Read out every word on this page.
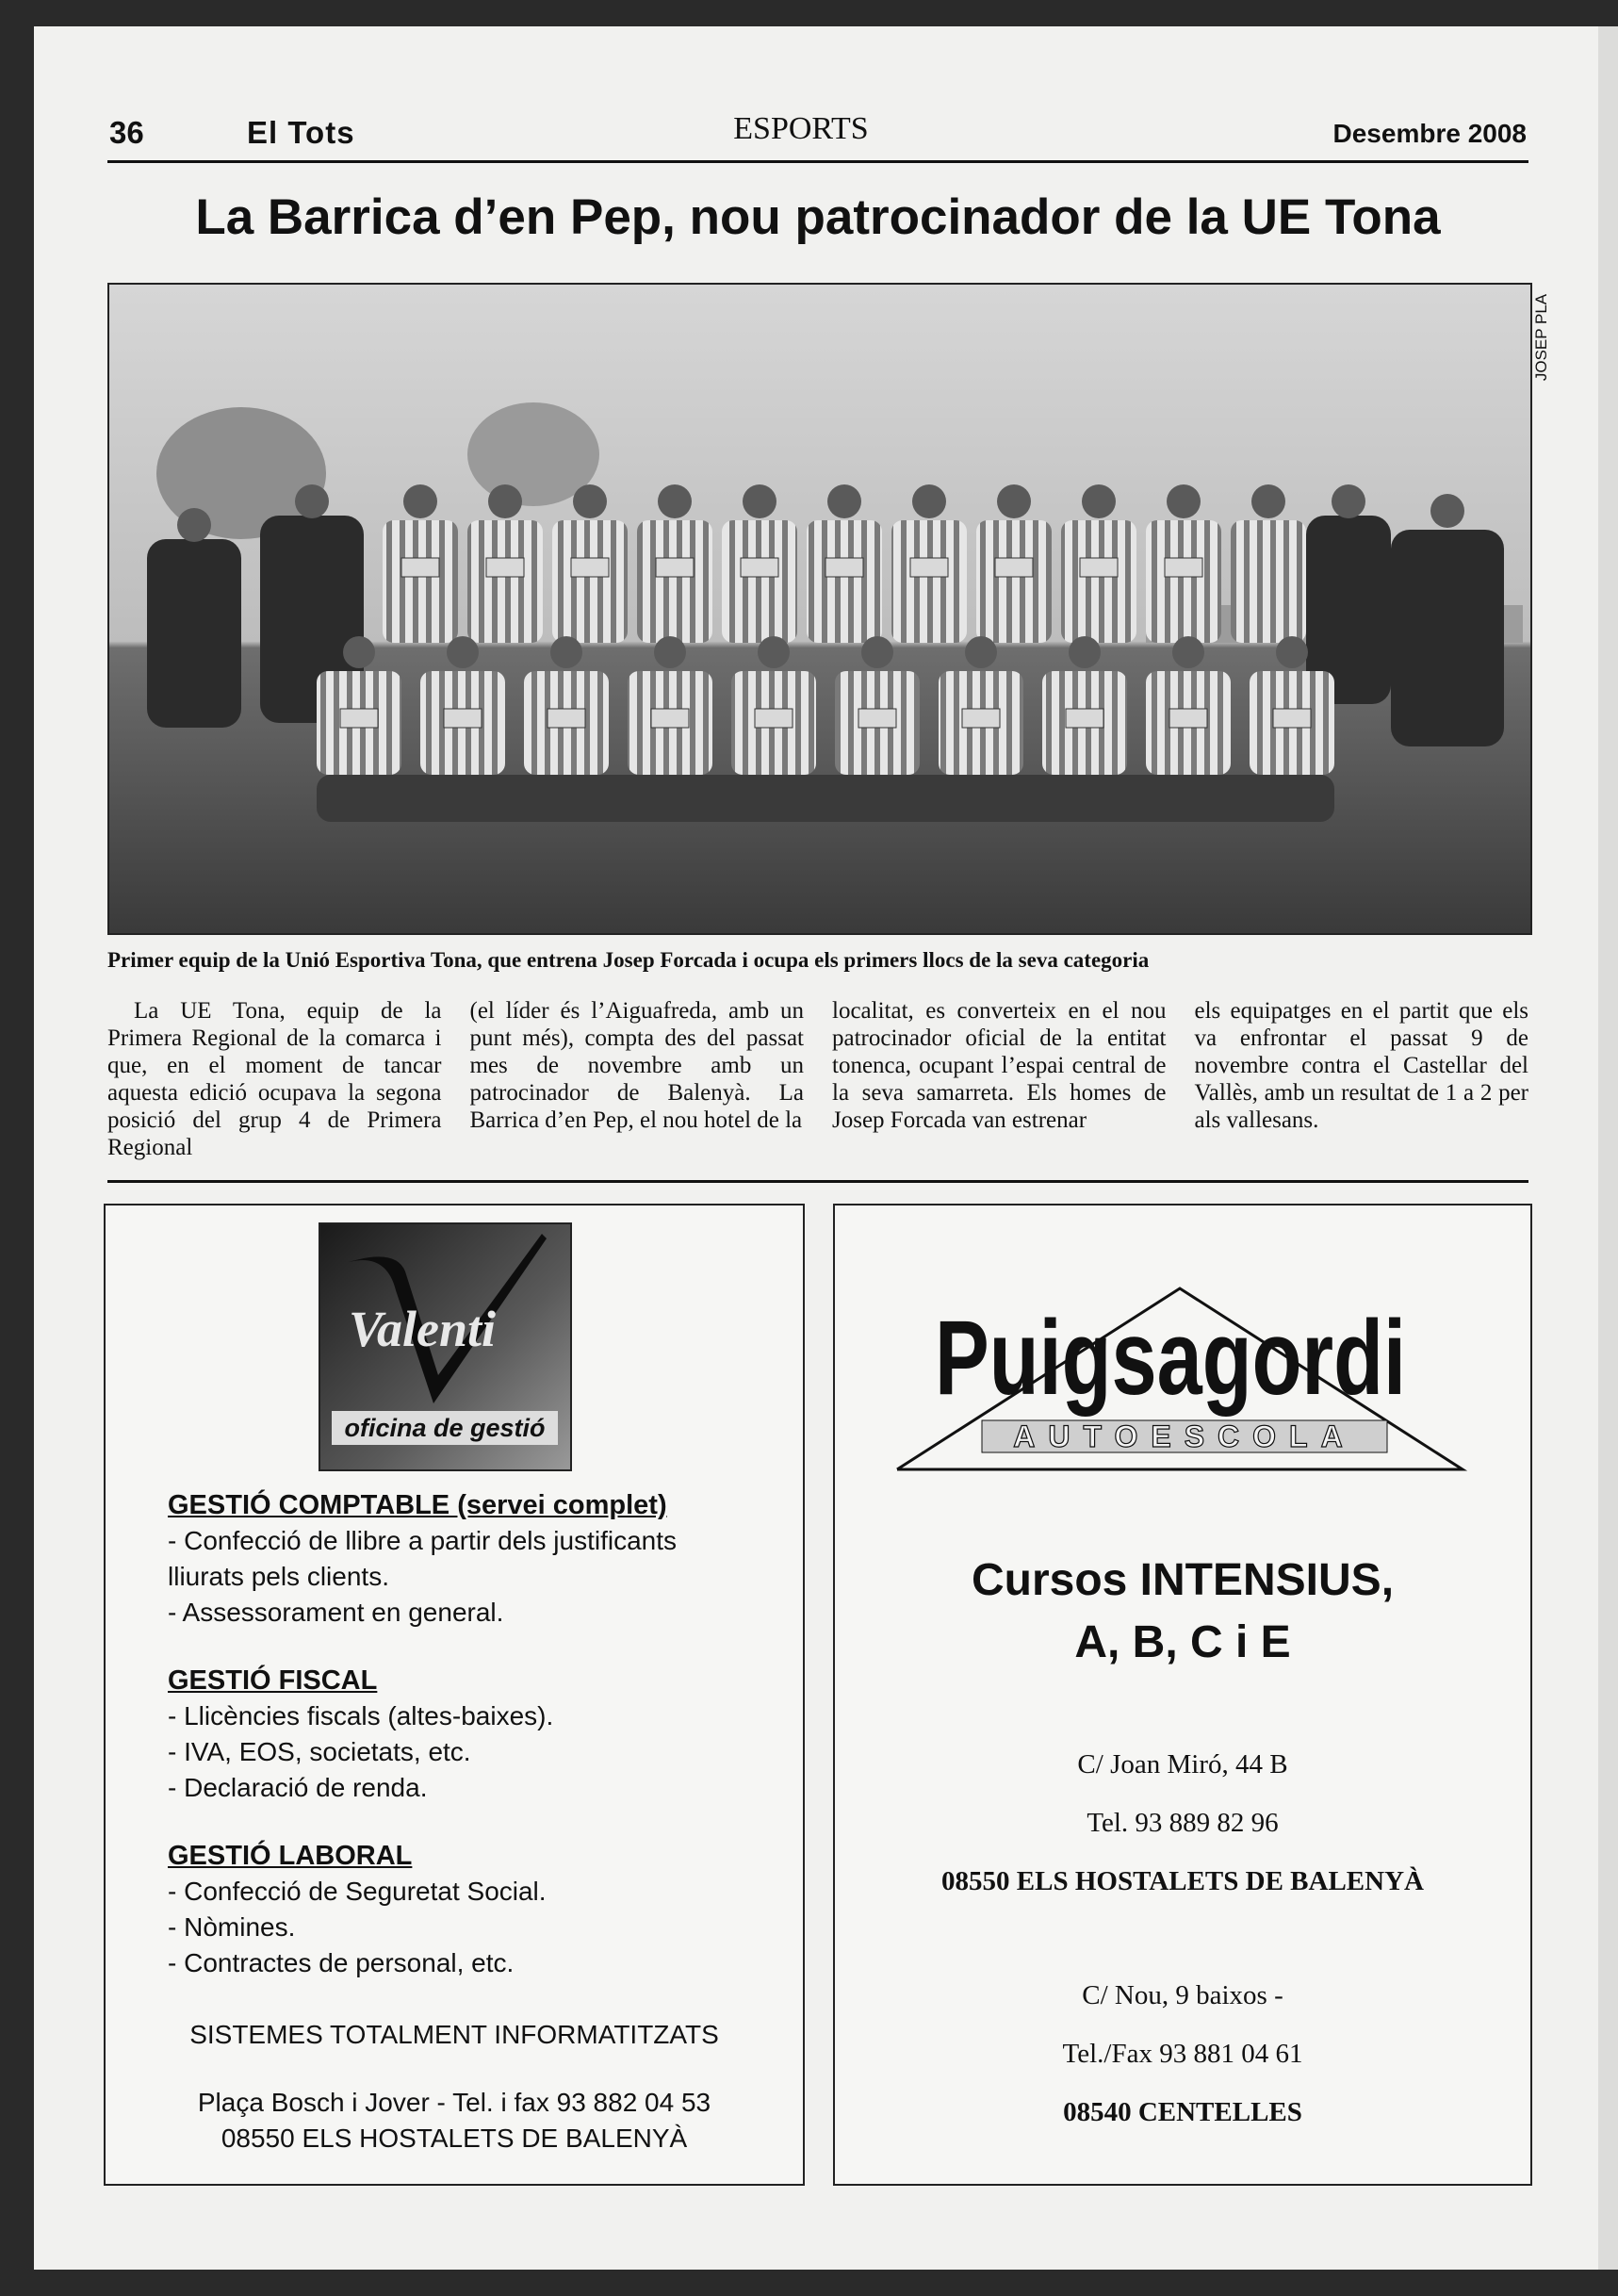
36	El Tots	ESPORTS	Desembre 2008
La Barrica d’en Pep, nou patrocinador de la UE Tona
JOSEP PLA
Primer equip de la Unió Esportiva Tona, que entrena Josep Forcada i ocupa els primers llocs de la seva categoria

La UE Tona, equip de la Primera Regional de la comarca i que, en el moment de tancar aquesta edició ocupava la segona posició del grup 4 de Primera Regional

(el líder és l’Aiguafreda, amb un punt més), compta des del passat mes de novembre amb un patrocinador de Balenyà. La Barrica d’en Pep, el nou hotel de la

localitat, es converteix en el nou patrocinador oficial de la entitat tonenca, ocupant l’espai central de la seva samarreta. Els homes de Josep Forcada van estrenar

els equipatges en el partit que els va enfrontar el passat 9 de novembre contra el Castellar del Vallès, amb un resultat de 1 a 2 per als vallesans.

Valenti
oficina de gestió
GESTIÓ COMPTABLE (servei complet)
- Confecció de llibre a partir dels justificants
lliurats pels clients.
- Assessorament en general.
GESTIÓ FISCAL
- Llicències fiscals (altes-baixes).
- IVA, EOS, societats, etc.
- Declaració de renda.
GESTIÓ LABORAL
- Confecció de Seguretat Social.
- Nòmines.
- Contractes de personal, etc.
SISTEMES TOTALMENT INFORMATITZATS
Plaça Bosch i Jover - Tel. i fax 93 882 04 53
08550 ELS HOSTALETS DE BALENYÀ
Puigsagordi
AUTOESCOLA
Cursos INTENSIUS,
A, B, C i E
C/ Joan Miró, 44 B
Tel. 93 889 82 96
08550 ELS HOSTALETS DE BALENYÀ
C/ Nou, 9 baixos -
Tel./Fax 93 881 04 61
08540 CENTELLES
